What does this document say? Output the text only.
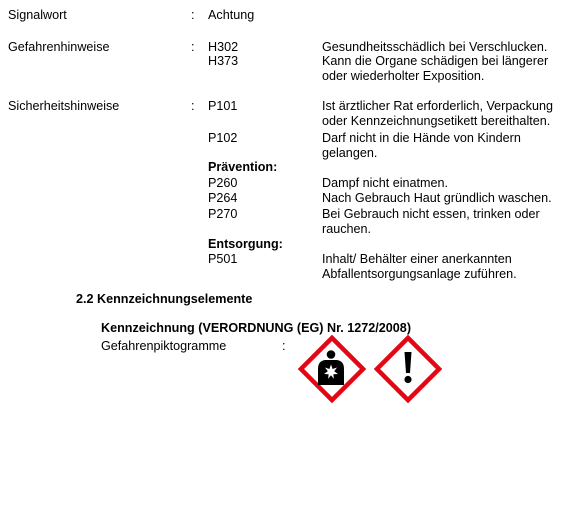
Signalwort	: Achtung
Gefahrenhinweise	: H302	Gesundheitsschädlich bei Verschlucken.
H373	Kann die Organe schädigen bei längerer oder wiederholter Exposition.
Sicherheitshinweise	: P101	Ist ärztlicher Rat erforderlich, Verpackung oder Kennzeichnungsetikett bereithalten.
P102	Darf nicht in die Hände von Kindern gelangen.
Prävention:
P260	Dampf nicht einatmen.
P264	Nach Gebrauch Haut gründlich waschen.
P270	Bei Gebrauch nicht essen, trinken oder rauchen.
Entsorgung:
P501	Inhalt/ Behälter einer anerkannten Abfallentsorgungsanlage zuführen.
2.2 Kennzeichnungselemente
Kennzeichnung (VERORDNUNG (EG) Nr. 1272/2008)
Gefahrenpiktogramme	:
